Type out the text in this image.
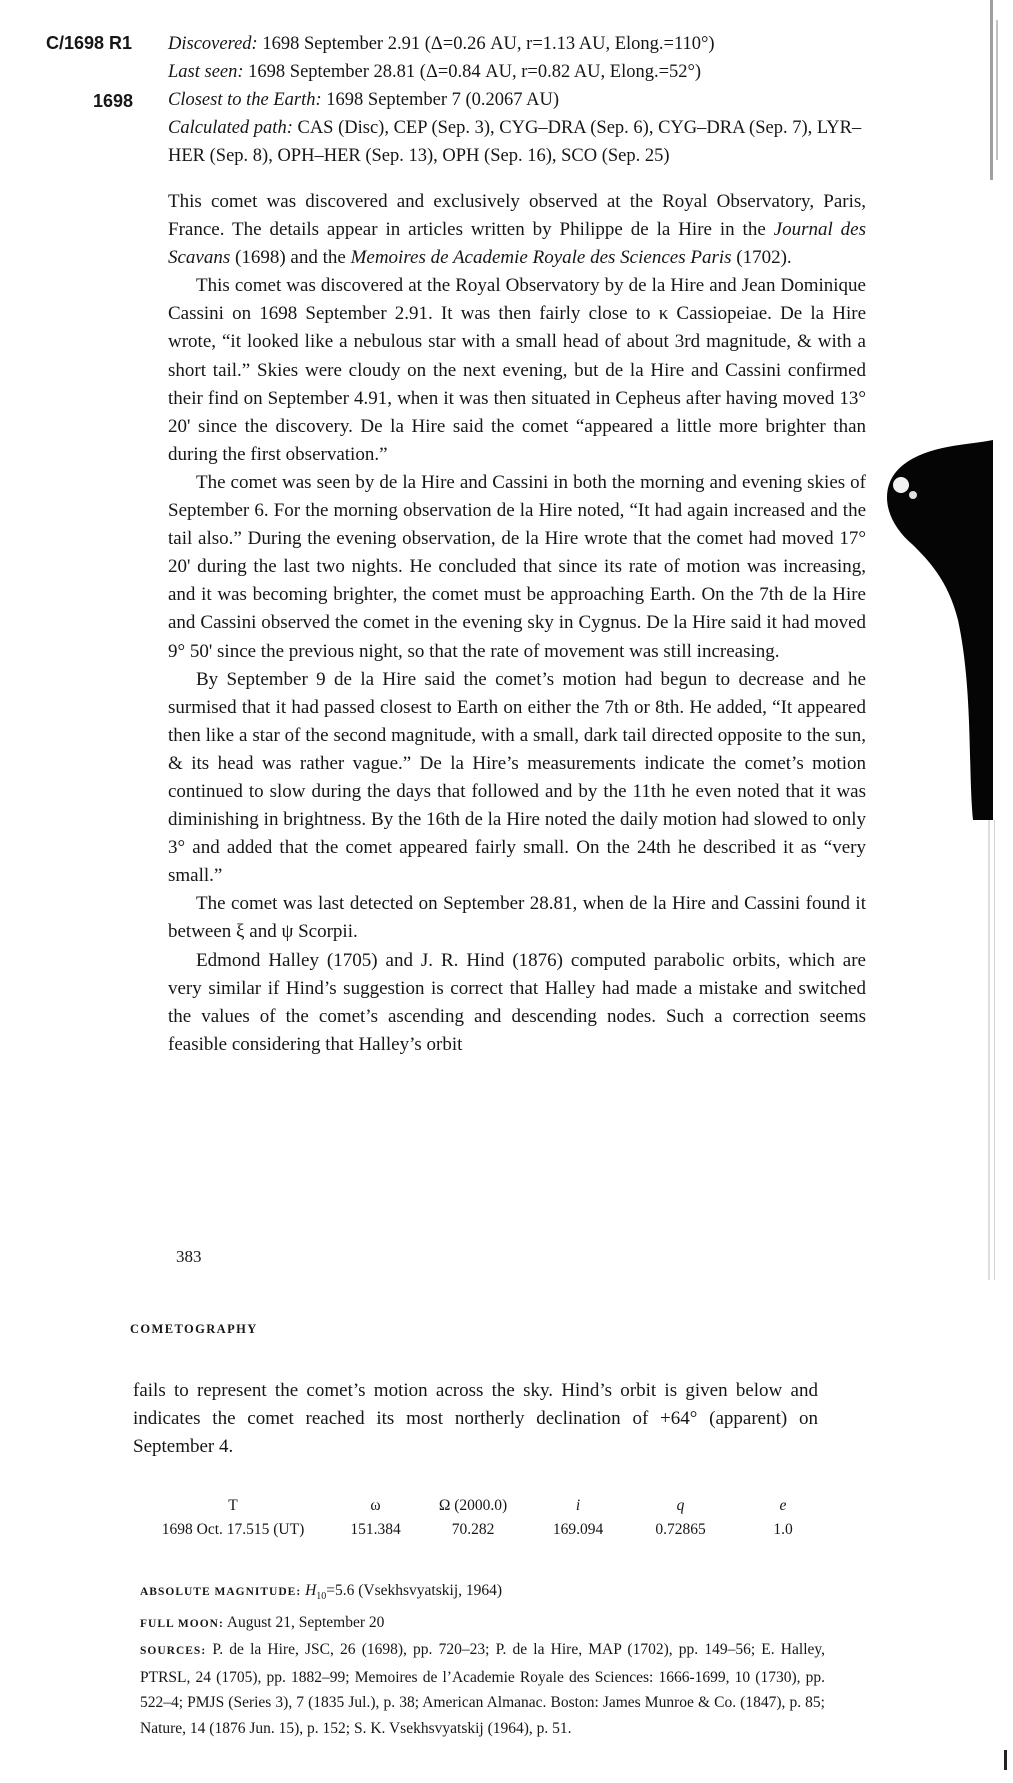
C/1698 R1
1698
Discovered: 1698 September 2.91 (Δ=0.26 AU, r=1.13 AU, Elong.=110°)
Last seen: 1698 September 28.81 (Δ=0.84 AU, r=0.82 AU, Elong.=52°)
Closest to the Earth: 1698 September 7 (0.2067 AU)
Calculated path: CAS (Disc), CEP (Sep. 3), CYG–DRA (Sep. 6), CYG–DRA (Sep. 7), LYR–HER (Sep. 8), OPH–HER (Sep. 13), OPH (Sep. 16), SCO (Sep. 25)

This comet was discovered and exclusively observed at the Royal Observatory, Paris, France. The details appear in articles written by Philippe de la Hire in the Journal des Scavans (1698) and the Memoires de Academie Royale des Sciences Paris (1702).

This comet was discovered at the Royal Observatory by de la Hire and Jean Dominique Cassini on 1698 September 2.91. It was then fairly close to κ Cassiopeiae. De la Hire wrote, “it looked like a nebulous star with a small head of about 3rd magnitude, & with a short tail.” Skies were cloudy on the next evening, but de la Hire and Cassini confirmed their find on September 4.91, when it was then situated in Cepheus after having moved 13° 20' since the discovery. De la Hire said the comet “appeared a little more brighter than during the first observation.”

The comet was seen by de la Hire and Cassini in both the morning and evening skies of September 6. For the morning observation de la Hire noted, “It had again increased and the tail also.” During the evening observation, de la Hire wrote that the comet had moved 17° 20' during the last two nights. He concluded that since its rate of motion was increasing, and it was becoming brighter, the comet must be approaching Earth. On the 7th de la Hire and Cassini observed the comet in the evening sky in Cygnus. De la Hire said it had moved 9° 50' since the previous night, so that the rate of movement was still increasing.

By September 9 de la Hire said the comet’s motion had begun to decrease and he surmised that it had passed closest to Earth on either the 7th or 8th. He added, “It appeared then like a star of the second magnitude, with a small, dark tail directed opposite to the sun, & its head was rather vague.” De la Hire’s measurements indicate the comet’s motion continued to slow during the days that followed and by the 11th he even noted that it was diminishing in brightness. By the 16th de la Hire noted the daily motion had slowed to only 3° and added that the comet appeared fairly small. On the 24th he described it as “very small.”

The comet was last detected on September 28.81, when de la Hire and Cassini found it between ξ and ψ Scorpii.

Edmond Halley (1705) and J. R. Hind (1876) computed parabolic orbits, which are very similar if Hind’s suggestion is correct that Halley had made a mistake and switched the values of the comet’s ascending and descending nodes. Such a correction seems feasible considering that Halley’s orbit

383
COMETOGRAPHY
fails to represent the comet’s motion across the sky. Hind’s orbit is given below and indicates the comet reached its most northerly declination of +64° (apparent) on September 4.
T	ω	Ω (2000.0)	i	q	e
1698 Oct. 17.515 (UT)	151.384	70.282	169.094	0.72865	1.0

ABSOLUTE MAGNITUDE: $H_{10}=5.6$ (Vsekhsvyatskij, 1964)

FULL MOON: August 21, September 20

SOURCES: P. de la Hire, JSC, 26 (1698), pp. 720–23; P. de la Hire, MAP (1702), pp. 149–56; E. Halley, PTRSL, 24 (1705), pp. 1882–99; Memoires de l’Academie Royale des Sciences: 1666-1699, 10 (1730), pp. 522–4; PMJS (Series 3), 7 (1835 Jul.), p. 38; American Almanac. Boston: James Munroe & Co. (1847), p. 85; Nature, 14 (1876 Jun. 15), p. 152; S. K. Vsekhsvyatskij (1964), p. 51.
